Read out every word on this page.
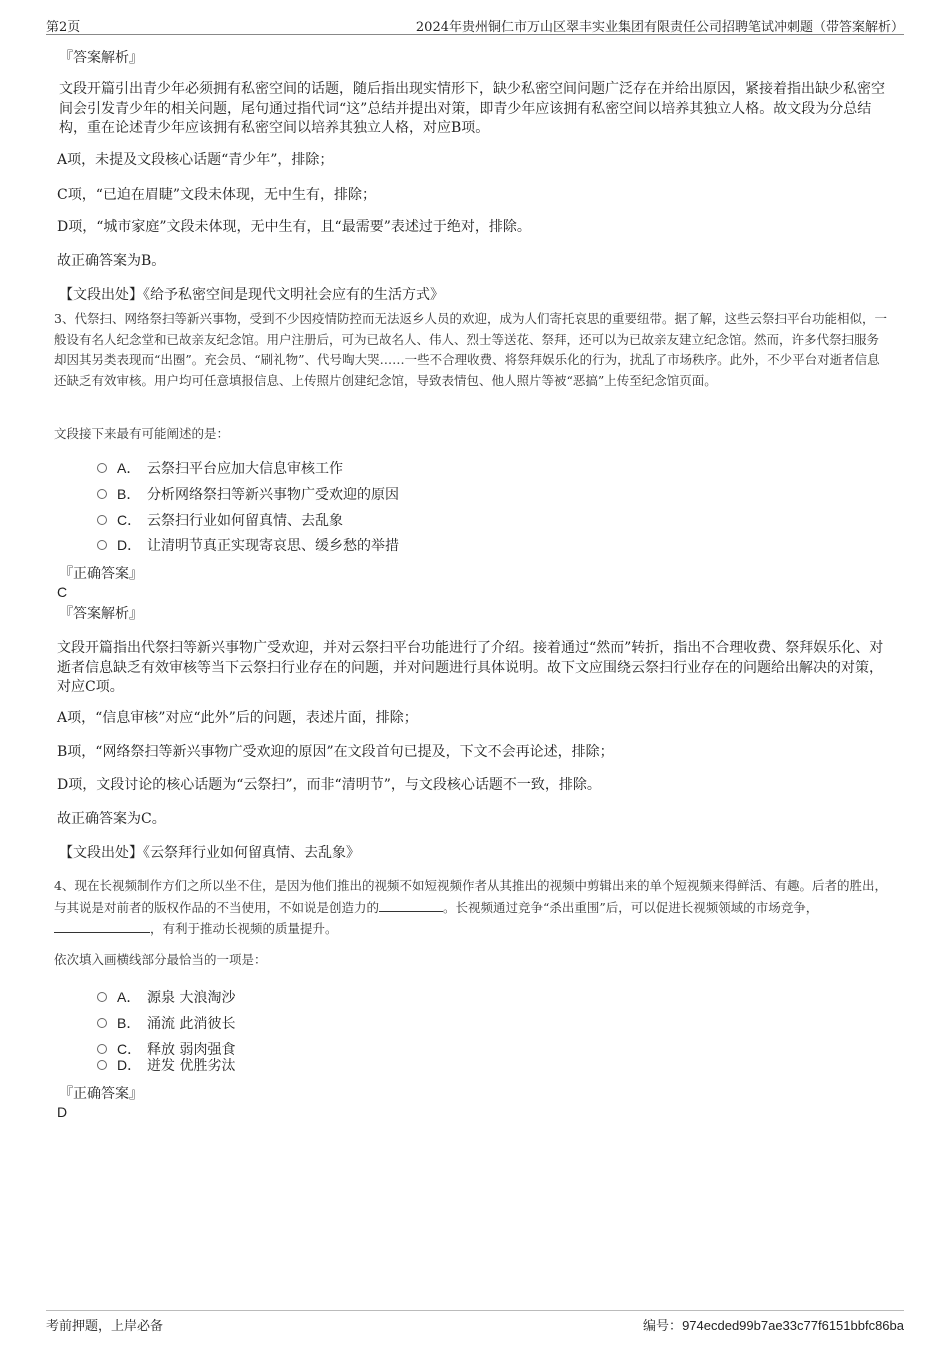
第2页	2024年贵州铜仁市万山区翠丰实业集团有限责任公司招聘笔试冲刺题（带答案解析）
『答案解析』
文段开篇引出青少年必须拥有私密空间的话题，随后指出现实情形下，缺少私密空间问题广泛存在并给出原因，紧接着指出缺少私密空间会引发青少年的相关问题，尾句通过指代词“这”总结并提出对策，即青少年应该拥有私密空间以培养其独立人格。故文段为分总结构，重在论述青少年应该拥有私密空间以培养其独立人格，对应B项。
A项，未提及文段核心话题“青少年”，排除；
C项，“已迫在眉睫”文段未体现，无中生有，排除；
D项，“城市家庭”文段未体现，无中生有，且“最需要”表述过于绝对，排除。
故正确答案为B。
【文段出处】《给予私密空间是现代文明社会应有的生活方式》
3、代祭扫、网络祭扫等新兴事物，受到不少因疫情防控而无法返乡人员的欢迎，成为人们寄托哀思的重要纽带。据了解，这些云祭扫平台功能相似，一般设有名人纪念堂和已故亲友纪念馆。用户注册后，可为已故名人、伟人、烈士等送花、祭拜，还可以为已故亲友建立纪念馆。然而，许多代祭扫服务却因其另类表现而“出圈”。充会员、“刷礼物”、代号啕大哭……一些不合理收费、将祭拜娱乐化的行为，扰乱了市场秩序。此外，不少平台对逝者信息还缺乏有效审核。用户均可任意填报信息、上传照片创建纪念馆，导致表情包、他人照片等被“恶搞”上传至纪念馆页面。
文段接下来最有可能阐述的是：
A． 云祭扫平台应加大信息审核工作
B． 分析网络祭扫等新兴事物广受欢迎的原因
C． 云祭扫行业如何留真情、去乱象
D． 让清明节真正实现寄哀思、缓乡愁的举措
『正确答案』
C
『答案解析』
文段开篇指出代祭扫等新兴事物广受欢迎，并对云祭扫平台功能进行了介绍。接着通过“然而”转折，指出不合理收费、祭拜娱乐化、对逝者信息缺乏有效审核等当下云祭扫行业存在的问题，并对问题进行具体说明。故下文应围绕云祭扫行业存在的问题给出解决的对策，对应C项。
A项，“信息审核”对应“此外”后的问题，表述片面，排除；
B项，“网络祭扫等新兴事物广受欢迎的原因”在文段首句已提及，下文不会再论述，排除；
D项，文段讨论的核心话题为“云祭扫”，而非“清明节”，与文段核心话题不一致，排除。
故正确答案为C。
【文段出处】《云祭拜行业如何留真情、去乱象》
4、现在长视频制作方们之所以坐不住，是因为他们推出的视频不如短视频作者从其推出的视频中剪辑出来的单个短视频来得鲜活、有趣。后者的胜出，与其说是对前者的版权作品的不当使用，不如说是创造力的	。长视频通过竞争“杀出重围”后，可以促进长视频领域的市场竞争，，有利于推动长视频的质量提升。
依次填入画横线部分最恰当的一项是：
A． 源泉 大浪淘沙
B． 涌流 此消彼长
C． 释放 弱肉强食
D． 迸发 优胜劣汰
『正确答案』
D
考前押题，上岸必备	编号：974ecded99b7ae33c77f6151bbfc86ba
